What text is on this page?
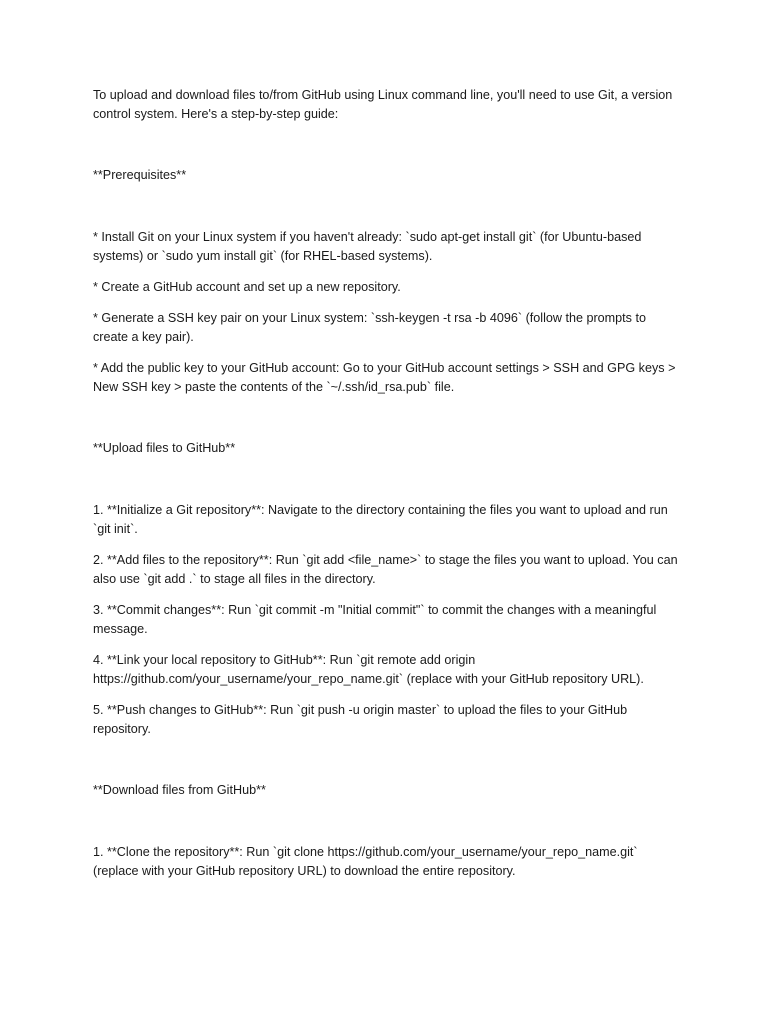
To upload and download files to/from GitHub using Linux command line, you'll need to use Git, a version control system. Here's a step-by-step guide:

**Prerequisites**

* Install Git on your Linux system if you haven't already: `sudo apt-get install git` (for Ubuntu-based systems) or `sudo yum install git` (for RHEL-based systems).

* Create a GitHub account and set up a new repository.

* Generate a SSH key pair on your Linux system: `ssh-keygen -t rsa -b 4096` (follow the prompts to create a key pair).

* Add the public key to your GitHub account: Go to your GitHub account settings > SSH and GPG keys > New SSH key > paste the contents of the `~/.ssh/id_rsa.pub` file.

**Upload files to GitHub**

1. **Initialize a Git repository**: Navigate to the directory containing the files you want to upload and run `git init`.

2. **Add files to the repository**: Run `git add <file_name>` to stage the files you want to upload. You can also use `git add .` to stage all files in the directory.

3. **Commit changes**: Run `git commit -m "Initial commit"` to commit the changes with a meaningful message.

4. **Link your local repository to GitHub**: Run `git remote add origin https://github.com/your_username/your_repo_name.git` (replace with your GitHub repository URL).

5. **Push changes to GitHub**: Run `git push -u origin master` to upload the files to your GitHub repository.

**Download files from GitHub**

1. **Clone the repository**: Run `git clone https://github.com/your_username/your_repo_name.git` (replace with your GitHub repository URL) to download the entire repository.
